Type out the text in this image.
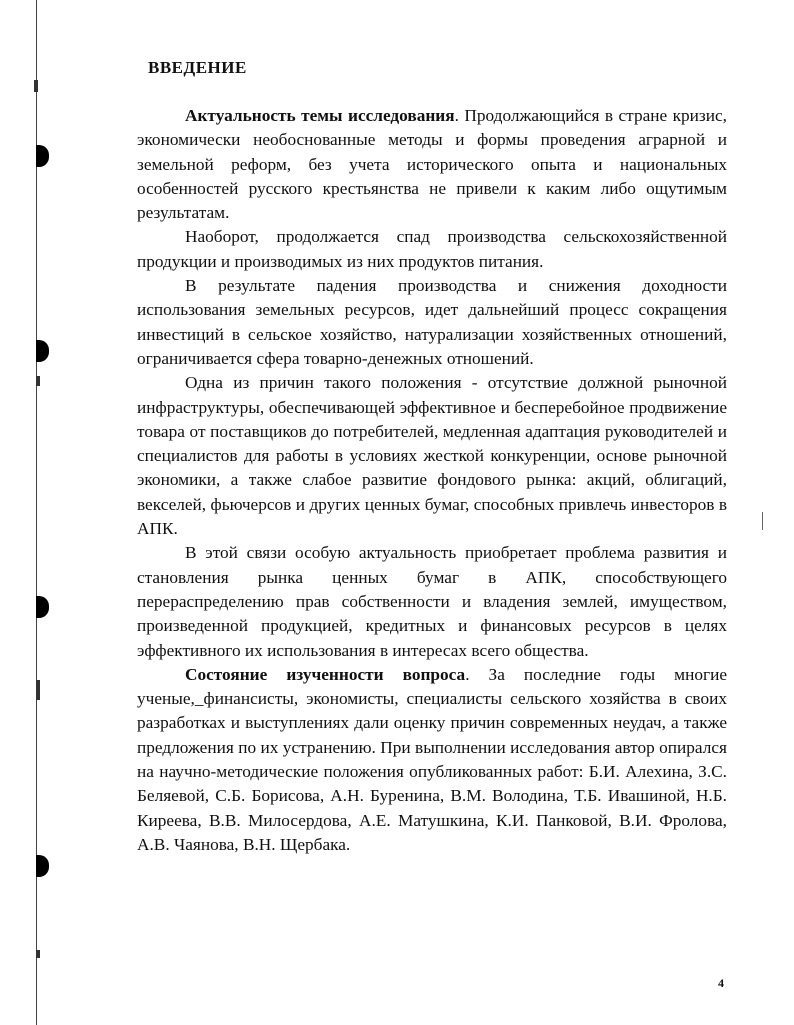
ВВЕДЕНИЕ

Актуальность темы исследования. Продолжающийся в стране кризис, экономически необоснованные методы и формы проведения аграрной и земельной реформ, без учета исторического опыта и национальных особенностей русского крестьянства не привели к каким либо ощутимым результатам.

Наоборот, продолжается спад производства сельскохозяйственной продукции и производимых из них продуктов питания.

В результате падения производства и снижения доходности использования земельных ресурсов, идет дальнейший процесс сокращения инвестиций в сельское хозяйство, натурализации хозяйственных отношений, ограничивается сфера товарно-денежных отношений.

Одна из причин такого положения - отсутствие должной рыночной инфраструктуры, обеспечивающей эффективное и бесперебойное продвижение товара от поставщиков до потребителей, медленная адаптация руководителей и специалистов для работы в условиях жесткой конкуренции, основе рыночной экономики, а также слабое развитие фондового рынка: акций, облигаций, векселей, фьючерсов и других ценных бумаг, способных привлечь инвесторов в АПК.

В этой связи особую актуальность приобретает проблема развития и становления рынка ценных бумаг в АПК, способствующего перераспределению прав собственности и владения землей, имуществом, произведенной продукцией, кредитных и финансовых ресурсов в целях эффективного их использования в интересах всего общества.

Состояние изученности вопроса. За последние годы многие ученые,_финансисты, экономисты, специалисты сельского хозяйства в своих разработках и выступлениях дали оценку причин современных неудач, а также предложения по их устранению. При выполнении исследования автор опирался на научно-методические положения опубликованных работ: Б.И. Алехина, З.С. Беляевой, С.Б. Борисова, А.Н. Буренина, В.М. Володина, Т.Б. Ивашиной, Н.Б. Киреева, В.В. Милосердова, А.Е. Матушкина, К.И. Панковой, В.И. Фролова, А.В. Чаянова, В.Н. Щербака.

4
